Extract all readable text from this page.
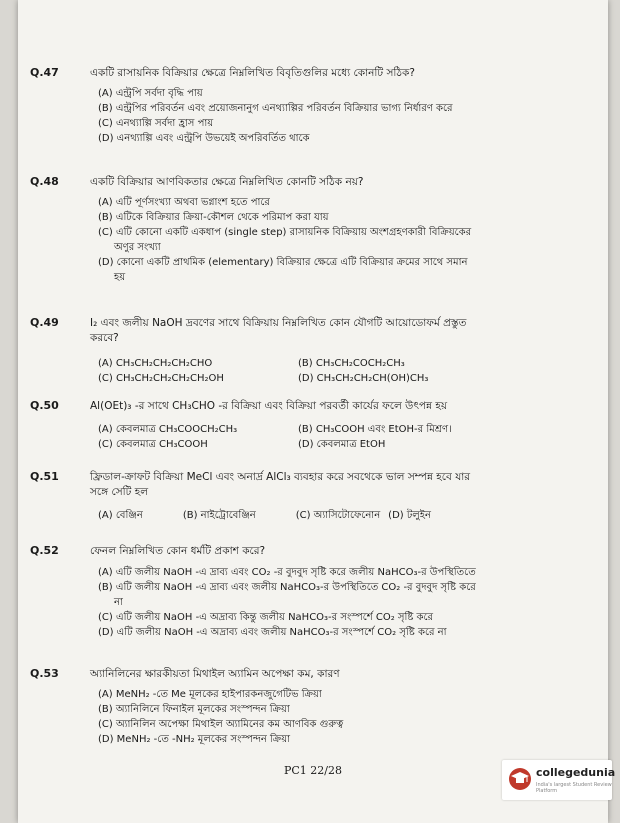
Q.47	একটি রাসায়নিক বিক্রিয়ার ক্ষেত্রে নিম্নলিখিত বিবৃতিগুলির মধ্যে কোনটি সঠিক?
(A) এন্ট্রপি সর্বদা বৃদ্ধি পায়
(B) এন্ট্রপির পরিবর্তন এবং প্রয়োজনানুগ এনথ্যাল্পির পরিবর্তন বিক্রিয়ার ভাগ্য নির্ধারণ করে
(C) এনথ্যাল্পি সর্বদা হ্রাস পায়
(D) এনথ্যাল্পি এবং এন্ট্রপি উভয়েই অপরিবর্তিত থাকে
Q.48	একটি বিক্রিয়ার আণবিকতার ক্ষেত্রে নিম্নলিখিত কোনটি সঠিক নয়?
(A) এটি পূর্ণসংখ্যা অথবা ভগ্নাংশ হতে পারে
(B) এটিকে বিক্রিয়ার ক্রিয়া-কৌশল থেকে পরিমাপ করা যায়
(C) এটি কোনো একটি একধাপ (single step) রাসায়নিক বিক্রিয়ায় অংশগ্রহণকারী বিক্রিয়কের
অণুর সংখ্যা
(D) কোনো একটি প্রাথমিক (elementary) বিক্রিয়ার ক্ষেত্রে এটি বিক্রিয়ার ক্রমের সাথে সমান
হয়
Q.49	I₂ এবং জলীয় NaOH দ্রবণের সাথে বিক্রিয়ায় নিম্নলিখিত কোন যৌগটি আয়োডোফর্ম প্রস্তুত
করবে?
(A) CH₃CH₂CH₂CH₂CHO	(B) CH₃CH₂COCH₂CH₃
(C) CH₃CH₂CH₂CH₂CH₂OH	(D) CH₃CH₂CH₂CH(OH)CH₃
Q.50	Al(OEt)₃ -র সাথে CH₃CHO -র বিক্রিয়া এবং বিক্রিয়া পরবর্তী কার্যের ফলে উৎপন্ন হয়
(A) কেবলমাত্র CH₃COOCH₂CH₃	(B) CH₃COOH এবং EtOH-র মিশ্রণ।
(C) কেবলমাত্র CH₃COOH	(D) কেবলমাত্র EtOH
Q.51	ফ্রিডাল-ক্রাফট বিক্রিয়া MeCl এবং অনার্দ্র AlCl₃ ব্যবহার করে সবথেকে ভাল সম্পন্ন হবে যার
সঙ্গে সেটি হল
(A) বেঞ্জিন	(B) নাইট্রোবেঞ্জিন	(C) অ্যাসিটোফেনোন (D) টলুইন
Q.52	ফেনল নিম্নলিখিত কোন ধর্মটি প্রকাশ করে?
(A) এটি জলীয় NaOH -এ দ্রাব্য এবং CO₂ -র বুদবুদ সৃষ্টি করে জলীয় NaHCO₃-র উপস্থিতিতে
(B) এটি জলীয় NaOH -এ দ্রাব্য এবং জলীয় NaHCO₃-র উপস্থিতিতে CO₂ -র বুদবুদ সৃষ্টি করে
না
(C) এটি জলীয় NaOH -এ অদ্রাব্য কিন্তু জলীয় NaHCO₃-র সংস্পর্শে CO₂ সৃষ্টি করে
(D) এটি জলীয় NaOH -এ অদ্রাব্য এবং জলীয় NaHCO₃-র সংস্পর্শে CO₂ সৃষ্টি করে না
Q.53	অ্যানিলিনের ক্ষারকীয়তা মিথাইল অ্যামিন অপেক্ষা কম, কারণ
(A) MeNH₂ -তে Me মূলকের হাইপারকনজুগেটিভ ক্রিয়া
(B) অ্যানিলিনে ফিনাইল মূলকের সংস্পন্দন ক্রিয়া
(C) অ্যানিলিন অপেক্ষা মিথাইল অ্যামিনের কম আণবিক গুরুত্ব
(D) MeNH₂ -তে -NH₂ মূলকের সংস্পন্দন ক্রিয়া
PC1 22/28	collegedunia
India's largest Student Review Platform
